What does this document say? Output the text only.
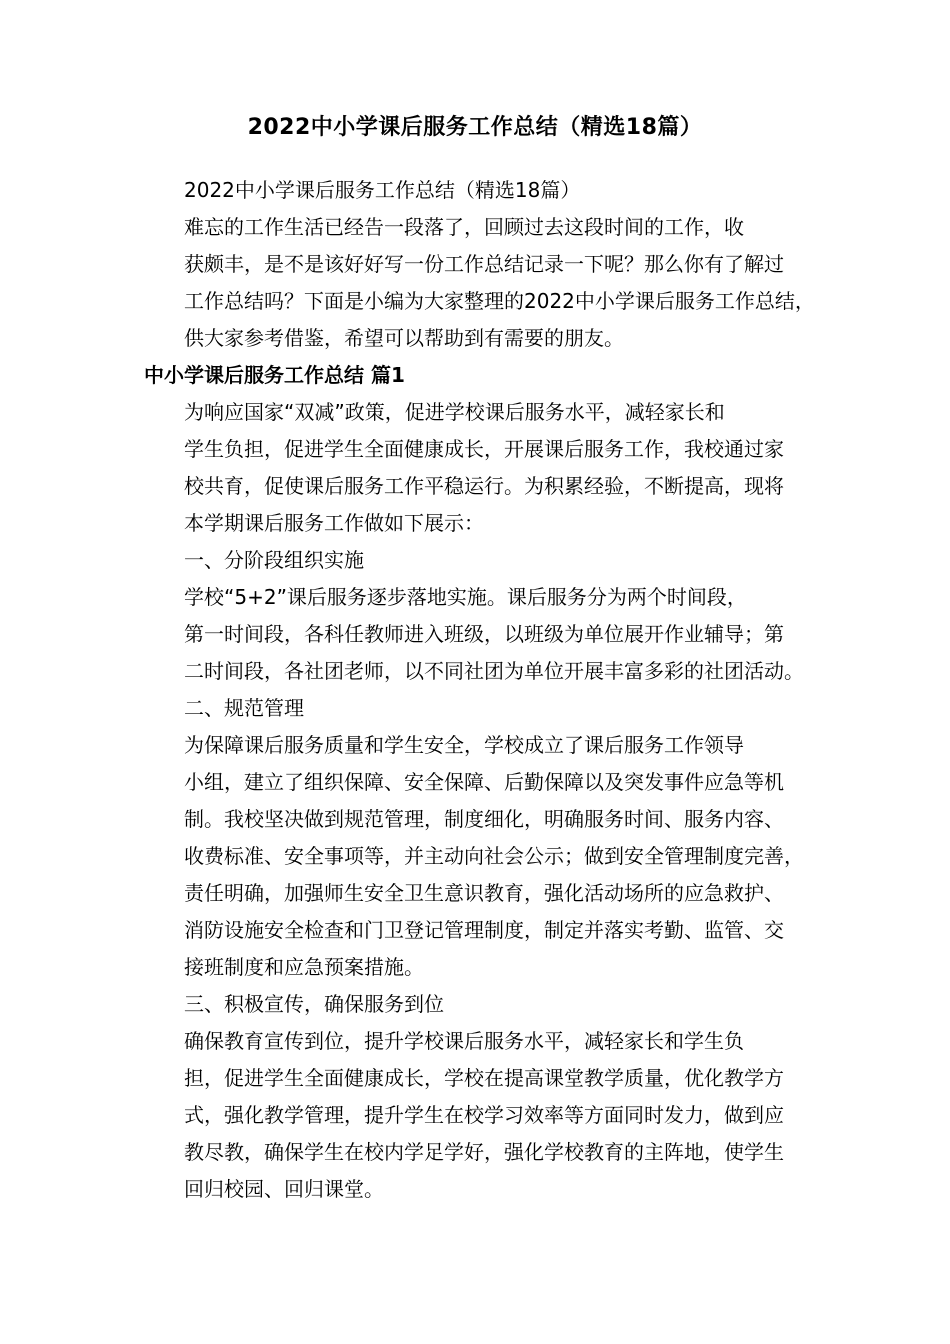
2022中小学课后服务工作总结（精选18篇）

2022中小学课后服务工作总结（精选18篇）

难忘的工作生活已经告一段落了，回顾过去这段时间的工作，收
获颇丰，是不是该好好写一份工作总结记录一下呢？那么你有了解过
工作总结吗？下面是小编为大家整理的2022中小学课后服务工作总结，
供大家参考借鉴，希望可以帮助到有需要的朋友。

中小学课后服务工作总结 篇1

为响应国家“双减”政策，促进学校课后服务水平，减轻家长和
学生负担，促进学生全面健康成长，开展课后服务工作，我校通过家
校共育，促使课后服务工作平稳运行。为积累经验，不断提高，现将
本学期课后服务工作做如下展示：

一、分阶段组织实施

学校“5+2”课后服务逐步落地实施。课后服务分为两个时间段，
第一时间段，各科任教师进入班级，以班级为单位展开作业辅导；第
二时间段，各社团老师，以不同社团为单位开展丰富多彩的社团活动。

二、规范管理

为保障课后服务质量和学生安全，学校成立了课后服务工作领导
小组，建立了组织保障、安全保障、后勤保障以及突发事件应急等机
制。我校坚决做到规范管理，制度细化，明确服务时间、服务内容、
收费标准、安全事项等，并主动向社会公示；做到安全管理制度完善，
责任明确，加强师生安全卫生意识教育，强化活动场所的应急救护、
消防设施安全检查和门卫登记管理制度，制定并落实考勤、监管、交
接班制度和应急预案措施。

三、积极宣传，确保服务到位

确保教育宣传到位，提升学校课后服务水平，减轻家长和学生负
担，促进学生全面健康成长，学校在提高课堂教学质量，优化教学方
式，强化教学管理，提升学生在校学习效率等方面同时发力，做到应
教尽教，确保学生在校内学足学好，强化学校教育的主阵地，使学生
回归校园、回归课堂。
